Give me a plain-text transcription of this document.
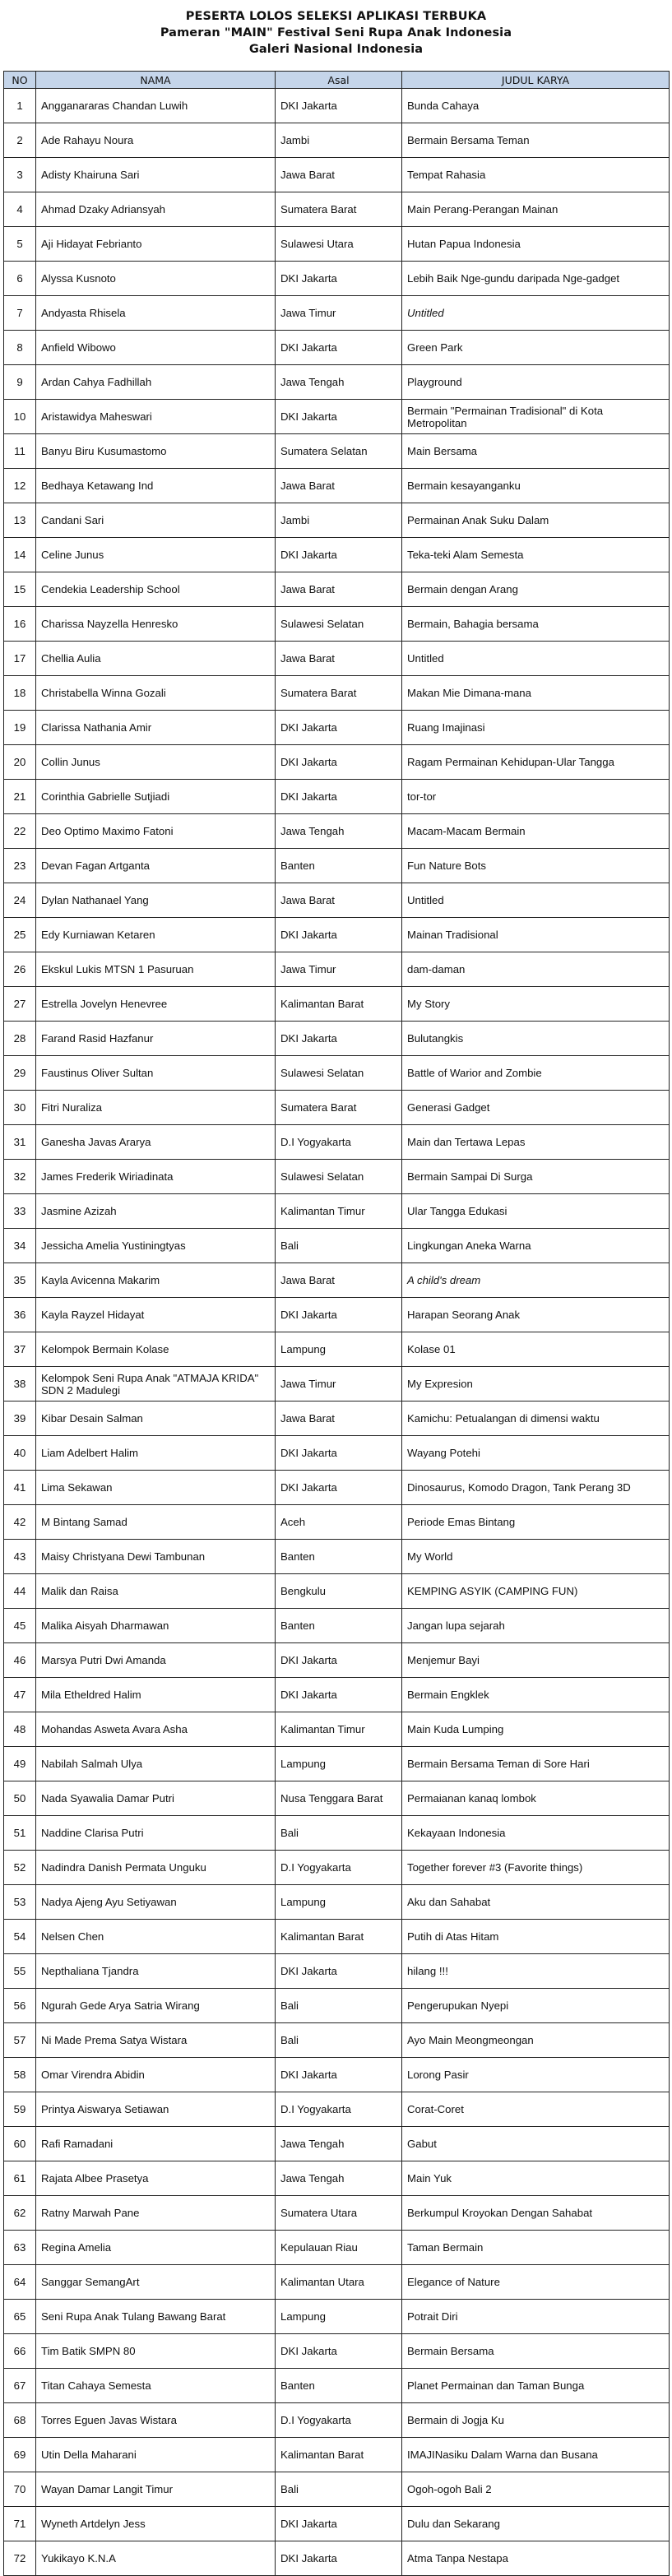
PESERTA LOLOS SELEKSI APLIKASI TERBUKA
Pameran "MAIN" Festival Seni Rupa Anak Indonesia
Galeri Nasional Indonesia
NO	NAMA	Asal	JUDUL KARYA
1	Angganararas Chandan Luwih	DKI Jakarta	Bunda Cahaya
2	Ade Rahayu Noura	Jambi	Bermain Bersama Teman
3	Adisty Khairuna Sari	Jawa Barat	Tempat Rahasia
4	Ahmad Dzaky Adriansyah	Sumatera Barat	Main Perang-Perangan Mainan
5	Aji Hidayat Febrianto	Sulawesi Utara	Hutan Papua Indonesia
6	Alyssa Kusnoto	DKI Jakarta	Lebih Baik Nge-gundu daripada Nge-gadget
7	Andyasta Rhisela	Jawa Timur	Untitled
8	Anfield Wibowo	DKI Jakarta	Green Park
9	Ardan Cahya Fadhillah	Jawa Tengah	Playground
10	Aristawidya Maheswari	DKI Jakarta	Bermain "Permainan Tradisional" di Kota Metropolitan
11	Banyu Biru Kusumastomo	Sumatera Selatan	Main Bersama
12	Bedhaya Ketawang Ind	Jawa Barat	Bermain kesayanganku
13	Candani Sari	Jambi	Permainan Anak Suku Dalam
14	Celine Junus	DKI Jakarta	Teka-teki Alam Semesta
15	Cendekia Leadership School	Jawa Barat	Bermain dengan Arang
16	Charissa Nayzella Henresko	Sulawesi Selatan	Bermain, Bahagia bersama
17	Chellia Aulia	Jawa Barat	Untitled
18	Christabella Winna Gozali	Sumatera Barat	Makan Mie Dimana-mana
19	Clarissa Nathania Amir	DKI Jakarta	Ruang Imajinasi
20	Collin Junus	DKI Jakarta	Ragam Permainan Kehidupan-Ular Tangga
21	Corinthia Gabrielle Sutjiadi	DKI Jakarta	tor-tor
22	Deo Optimo Maximo Fatoni	Jawa Tengah	Macam-Macam Bermain
23	Devan Fagan Artganta	Banten	Fun Nature Bots
24	Dylan Nathanael Yang	Jawa Barat	Untitled
25	Edy Kurniawan Ketaren	DKI Jakarta	Mainan Tradisional
26	Ekskul Lukis MTSN 1 Pasuruan	Jawa Timur	dam-daman
27	Estrella Jovelyn Henevree	Kalimantan Barat	My Story
28	Farand Rasid Hazfanur	DKI Jakarta	Bulutangkis
29	Faustinus Oliver Sultan	Sulawesi Selatan	Battle of Warior and Zombie
30	Fitri Nuraliza	Sumatera Barat	Generasi Gadget
31	Ganesha Javas Ararya	D.I Yogyakarta	Main dan Tertawa Lepas
32	James Frederik Wiriadinata	Sulawesi Selatan	Bermain Sampai Di Surga
33	Jasmine Azizah	Kalimantan Timur	Ular Tangga Edukasi
34	Jessicha Amelia Yustiningtyas	Bali	Lingkungan Aneka Warna
35	Kayla Avicenna Makarim	Jawa Barat	A child's dream
36	Kayla Rayzel Hidayat	DKI Jakarta	Harapan Seorang Anak
37	Kelompok Bermain Kolase	Lampung	Kolase 01
38	Kelompok Seni Rupa Anak "ATMAJA KRIDA" SDN 2 Madulegi	Jawa Timur	My Expresion
39	Kibar Desain Salman	Jawa Barat	Kamichu: Petualangan di dimensi waktu
40	Liam Adelbert Halim	DKI Jakarta	Wayang Potehi
41	Lima Sekawan	DKI Jakarta	Dinosaurus, Komodo Dragon, Tank Perang 3D
42	M Bintang Samad	Aceh	Periode Emas Bintang
43	Maisy Christyana Dewi Tambunan	Banten	My World
44	Malik dan Raisa	Bengkulu	KEMPING ASYIK (CAMPING FUN)
45	Malika Aisyah Dharmawan	Banten	Jangan lupa sejarah
46	Marsya Putri Dwi Amanda	DKI Jakarta	Menjemur Bayi
47	Mila Etheldred Halim	DKI Jakarta	Bermain Engklek
48	Mohandas Asweta Avara Asha	Kalimantan Timur	Main Kuda Lumping
49	Nabilah Salmah Ulya	Lampung	Bermain Bersama Teman di Sore Hari
50	Nada Syawalia Damar Putri	Nusa Tenggara Barat	Permaianan kanaq lombok
51	Naddine Clarisa Putri	Bali	Kekayaan Indonesia
52	Nadindra Danish Permata Unguku	D.I Yogyakarta	Together forever #3 (Favorite things)
53	Nadya Ajeng Ayu Setiyawan	Lampung	Aku dan Sahabat
54	Nelsen Chen	Kalimantan Barat	Putih di Atas Hitam
55	Nepthaliana Tjandra	DKI Jakarta	hilang !!!
56	Ngurah Gede Arya Satria Wirang	Bali	Pengerupukan Nyepi
57	Ni Made Prema Satya Wistara	Bali	Ayo Main Meongmeongan
58	Omar Virendra Abidin	DKI Jakarta	Lorong Pasir
59	Printya Aiswarya Setiawan	D.I Yogyakarta	Corat-Coret
60	Rafi Ramadani	Jawa Tengah	Gabut
61	Rajata Albee Prasetya	Jawa Tengah	Main Yuk
62	Ratny Marwah Pane	Sumatera Utara	Berkumpul Kroyokan Dengan Sahabat
63	Regina Amelia	Kepulauan Riau	Taman Bermain
64	Sanggar SemangArt	Kalimantan Utara	Elegance of Nature
65	Seni Rupa Anak Tulang Bawang Barat	Lampung	Potrait Diri
66	Tim Batik SMPN 80	DKI Jakarta	Bermain Bersama
67	Titan Cahaya Semesta	Banten	Planet Permainan dan Taman Bunga
68	Torres Eguen Javas Wistara	D.I Yogyakarta	Bermain di Jogja Ku
69	Utin Della Maharani	Kalimantan Barat	IMAJINasiku Dalam Warna dan Busana
70	Wayan Damar Langit Timur	Bali	Ogoh-ogoh Bali 2
71	Wyneth Artdelyn Jess	DKI Jakarta	Dulu dan Sekarang
72	Yukikayo K.N.A	DKI Jakarta	Atma Tanpa Nestapa
